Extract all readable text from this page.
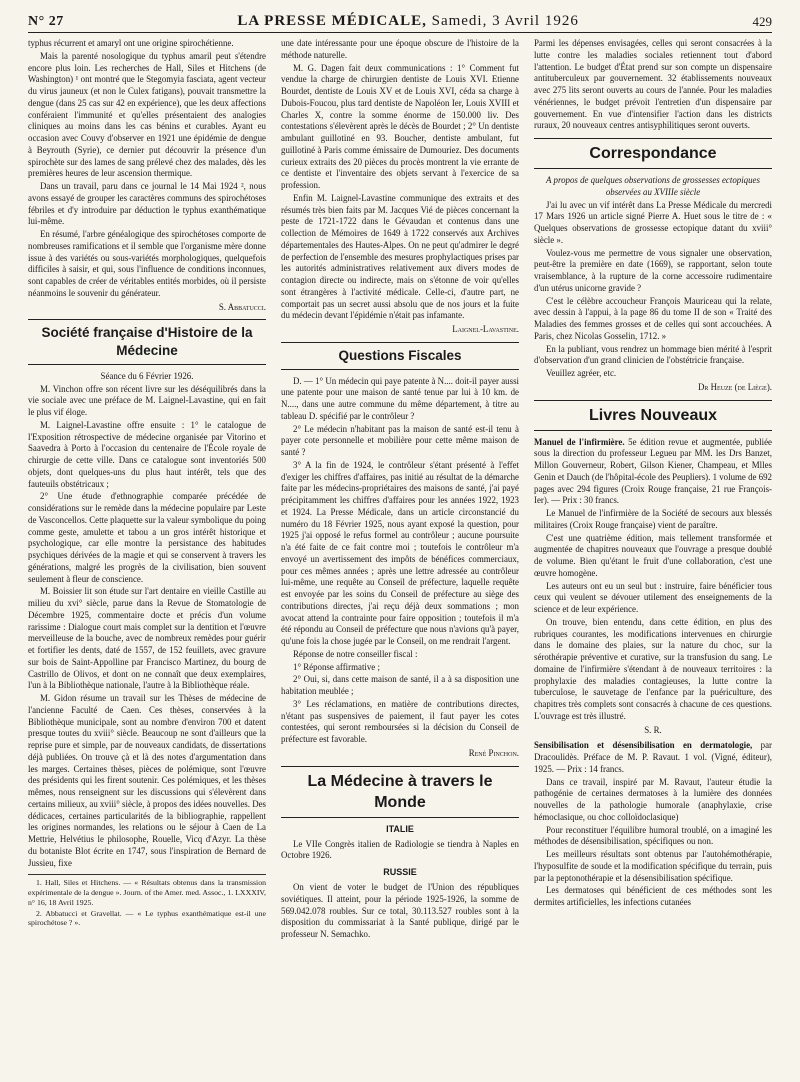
N° 27	LA PRESSE MÉDICALE, Samedi, 3 Avril 1926	429

typhus récurrent et amaryl ont une origine spirochétienne.

Mais la parenté nosologique du typhus amaril peut s'étendre encore plus loin. Les recherches de Hall, Siles et Hitchens (de Washington) ¹ ont montré que le Stegomyia fasciata, agent vecteur du virus jauneux (et non le Culex fatigans), pouvait transmettre la dengue (dans 25 cas sur 42 en expérience), que les deux affections conféraient l'immunité et qu'elles présentaient des analogies cliniques au moins dans les cas bénins et curables. Ayant eu occasion avec Couvy d'observer en 1921 une épidémie de dengue à Beyrouth (Syrie), ce dernier put découvrir la présence d'un spirochète sur des lames de sang prélevé chez des malades, dès les premières heures de leur ascension thermique.

Dans un travail, paru dans ce journal le 14 Mai 1924 ², nous avons essayé de grouper les caractères communs des spirochétoses fébriles et d'y introduire par déduction le typhus exanthématique lui-même.

En résumé, l'arbre généalogique des spirochétoses comporte de nombreuses ramifications et il semble que l'organisme mère donne issue à des variétés ou sous-variétés morphologiques, quelquefois difficiles à saisir, et qui, sous l'influence de conditions inconnues, sont capables de créer de véritables entités morbides, où il persiste néanmoins le souvenir du générateur.

S. Abbatucci.
Société française d'Histoire de la Médecine

Séance du 6 Février 1926.

M. Vinchon offre son récent livre sur les déséquilibrés dans la vie sociale avec une préface de M. Laignel-Lavastine, qui en fait le plus vif éloge.

M. Laignel-Lavastine offre ensuite : 1° le catalogue de l'Exposition rétrospective de médecine organisée par Vitorino et Saavedra à Porto à l'occasion du centenaire de l'École royale de chirurgie de cette ville. Dans ce catalogue sont inventoriés 500 objets, dont quelques-uns du plus haut intérêt, tels que des fauteuils obstétricaux ;

2° Une étude d'ethnographie comparée précédée de considérations sur le remède dans la médecine populaire par Leste de Vasconcellos. Cette plaquette sur la valeur symbolique du poing comme geste, amulette et tabou a un gros intérêt historique et psychologique, car elle montre la persistance des habitudes psychiques dérivées de la magie et qui se conservent à travers les générations, malgré les progrès de la civilisation, bien souvent seulement à fleur de conscience.

M. Boissier lit son étude sur l'art dentaire en vieille Castille au milieu du xvi° siècle, parue dans la Revue de Stomatologie de Décembre 1925, commentaire docte et précis d'un volume rarissime : Dialogue court mais complet sur la dentition et l'œuvre merveilleuse de la bouche, avec de nombreux remèdes pour guérir et fortifier les dents, daté de 1557, de 152 feuillets, avec gravure sur bois de Saint-Appolline par Francisco Martinez, du bourg de Castrillo de Olivos, et dont on ne connaît que deux exemplaires, l'un à la Bibliothèque nationale, l'autre à la Bibliothèque réale.

M. Gidon résume un travail sur les Thèses de médecine de l'ancienne Faculté de Caen. Ces thèses, conservées à la Bibliothèque municipale, sont au nombre d'environ 700 et datent presque toutes du xviii° siècle. Beaucoup ne sont d'ailleurs que la reprise pure et simple, par de nouveaux candidats, de dissertations déjà publiées. On trouve çà et là des notes d'argumentation dans les marges. Certaines thèses, pièces de polémique, sont l'œuvre des présidents qui les firent soutenir. Ces polémiques, et les thèses mêmes, nous renseignent sur les discussions qui s'élevèrent dans certains milieux, au xviii° siècle, à propos des idées nouvelles. Des dédicaces, certaines particularités de la bibliographie, rappellent les origines normandes, les relations ou le séjour à Caen de La Mettrie, Helvétius le philosophe, Rouelle, Vicq d'Azyr. La thèse du botaniste Blot écrite en 1747, sous l'inspiration de Bernard de Jussieu, fixe

1. Hall, Siles et Hitchens. — « Résultats obtenus dans la transmission expérimentale de la dengue ». Journ. of the Amer. med. Assoc., 1. LXXXIV, n° 16, 18 Avril 1925.

2. Abbatucci et Gravellat. — « Le typhus exanthématique est-il une spirochétose ? ».

une date intéressante pour une époque obscure de l'histoire de la méthode naturelle.

M. G. Dagen fait deux communications : 1° Comment fut vendue la charge de chirurgien dentiste de Louis XVI. Etienne Bourdet, dentiste de Louis XV et de Louis XVI, céda sa charge à Dubois-Foucou, plus tard dentiste de Napoléon Ier, Louis XVIII et Charles X, contre la somme énorme de 150.000 liv. Des contestations s'élevèrent après le décès de Bourdet ; 2° Un dentiste ambulant guillotiné en 93. Boucher, dentiste ambulant, fut guillotiné à Paris comme émissaire de Dumouriez. Des documents curieux extraits des 20 pièces du procès montrent la vie errante de ce dentiste et l'inventaire des objets servant à l'exercice de sa profession.

Enfin M. Laignel-Lavastine communique des extraits et des résumés très bien faits par M. Jacques Vié de pièces concernant la peste de 1721-1722 dans le Gévaudan et contenus dans une collection de Mémoires de 1649 à 1722 conservés aux Archives départementales des Hautes-Alpes. On ne peut qu'admirer le degré de perfection de l'ensemble des mesures prophylactiques prises par les autorités administratives relativement aux divers modes de contagion directe ou indirecte, mais on s'étonne de voir qu'elles sont étrangères à l'activité médicale. Celle-ci, d'autre part, ne comportait pas un secret aussi absolu que de nos jours et la fuite du médecin devant l'épidémie n'était pas infamante.

Laignel-Lavastine.
Questions Fiscales

D. — 1° Un médecin qui paye patente à N.... doit-il payer aussi une patente pour une maison de santé tenue par lui à 10 km. de N...., dans une autre commune du même département, à titre au tableau D. spécifié par le contrôleur ?

2° Le médecin n'habitant pas la maison de santé est-il tenu à payer cote personnelle et mobilière pour cette même maison de santé ?

3° A la fin de 1924, le contrôleur s'étant présenté à l'effet d'exiger les chiffres d'affaires, pas initié au résultat de la démarche faite par les médecins-propriétaires des maisons de santé, j'ai payé précipitamment les chiffres d'affaires pour les années 1922, 1923 et 1924. La Presse Médicale, dans un article circonstancié du numéro du 18 Février 1925, nous ayant exposé la question, pour 1925 j'ai opposé le refus formel au contrôleur ; aucune poursuite n'a été faite de ce fait contre moi ; toutefois le contrôleur m'a envoyé un avertissement des impôts de bénéfices commerciaux, pour ces mêmes années ; après une lettre adressée au contrôleur lui-même, une requête au Conseil de préfecture, laquelle requête est envoyée par les soins du Conseil de préfecture au siège des contributions directes, j'ai reçu déjà deux sommations ; mon avocat attend la contrainte pour faire opposition ; toutefois il m'a été répondu au Conseil de préfecture que nous n'avions qu'à payer, qu'une fois la chose jugée par le Conseil, on me rendrait l'argent.

Réponse de notre conseiller fiscal :

1° Réponse affirmative ;

2° Oui, si, dans cette maison de santé, il a à sa disposition une habitation meublée ;

3° Les réclamations, en matière de contributions directes, n'étant pas suspensives de paiement, il faut payer les cotes contestées, qui seront remboursées si la décision du Conseil de préfecture est favorable.

René Pinchon.
La Médecine à travers le Monde
ITALIE

Le VIIe Congrès italien de Radiologie se tiendra à Naples en Octobre 1926.

RUSSIE

On vient de voter le budget de l'Union des républiques soviétiques. Il atteint, pour la période 1925-1926, la somme de 569.042.078 roubles. Sur ce total, 30.113.527 roubles sont à la disposition du commissariat à la Santé publique, dirigé par le professeur N. Semachko.

Parmi les dépenses envisagées, celles qui seront consacrées à la lutte contre les maladies sociales retiennent tout d'abord l'attention. Le budget d'État prend sur son compte un dispensaire antituberculeux par gouvernement. 32 établissements nouveaux avec 275 lits seront ouverts au cours de l'année. Pour les maladies vénériennes, le budget prévoit l'entretien d'un dispensaire par gouvernement. En vue d'intensifier l'action dans les districts ruraux, 20 nouveaux centres antisyphilitiques seront ouverts.

Correspondance

A propos de quelques observations de grossesses ectopiques observées au XVIIIe siècle

J'ai lu avec un vif intérêt dans La Presse Médicale du mercredi 17 Mars 1926 un article signé Pierre A. Huet sous le titre de : « Quelques observations de grossesse ectopique datant du xviii° siècle ».

Voulez-vous me permettre de vous signaler une observation, peut-être la première en date (1669), se rapportant, selon toute vraisemblance, à la rupture de la corne accessoire rudimentaire d'un utérus unicorne gravide ?

C'est le célèbre accoucheur François Mauriceau qui la relate, avec dessin à l'appui, à la page 86 du tome II de son « Traité des Maladies des femmes grosses et de celles qui sont accouchées. A Paris, chez Nicolas Gosselin, 1712. »

En la publiant, vous rendrez un hommage bien mérité à l'esprit d'observation d'un grand clinicien de l'obstétricie française.

Veuillez agréer, etc.

Dr Heuze (de Liège).
Livres Nouveaux

Manuel de l'infirmière. 5e édition revue et augmentée, publiée sous la direction du professeur Legueu par MM. les Drs Banzet, Millon Gouverneur, Robert, Gilson Kiener, Champeau, et Mlles Genin et Dauch (de l'hôpital-école des Peupliers). 1 volume de 692 pages avec 294 figures (Croix Rouge française, 21 rue François-Ier). — Prix : 30 francs.

Le Manuel de l'infirmière de la Société de secours aux blessés militaires (Croix Rouge française) vient de paraître.

C'est une quatrième édition, mais tellement transformée et augmentée de chapitres nouveaux que l'ouvrage a presque doublé de volume. Bien qu'étant le fruit d'une collaboration, c'est une œuvre homogène.

Les auteurs ont eu un seul but : instruire, faire bénéficier tous ceux qui veulent se dévouer utilement des enseignements de la science et de leur expérience.

On trouve, bien entendu, dans cette édition, en plus des rubriques courantes, les modifications intervenues en chirurgie dans le domaine des plaies, sur la nature du choc, sur la sérothérapie préventive et curative, sur la transfusion du sang. Le domaine de l'infirmière s'étendant à de nouveaux territoires : la prophylaxie des maladies contagieuses, la lutte contre la tuberculose, le sauvetage de l'enfance par la puériculture, des chapitres très complets sont consacrés à chacune de ces questions. L'ouvrage est très illustré.

S. R.

Sensibilisation et désensibilisation en dermatologie, par Dracoulidès. Préface de M. P. Ravaut. 1 vol. (Vigné, éditeur), 1925. — Prix : 14 francs.

Dans ce travail, inspiré par M. Ravaut, l'auteur étudie la pathogénie de certaines dermatoses à la lumière des données nouvelles de la pathologie humorale (anaphylaxie, crise hémoclasique, ou choc colloïdoclasique)

Pour reconstituer l'équilibre humoral troublé, on a imaginé les méthodes de désensibilisation, spécifiques ou non.

Les meilleurs résultats sont obtenus par l'autohémothérapie, l'hyposulfite de soude et la modification spécifique du terrain, puis par la peptonothérapie et la désensibilisation spécifique.

Les dermatoses qui bénéficient de ces méthodes sont les dermites artificielles, les infections cutanées
